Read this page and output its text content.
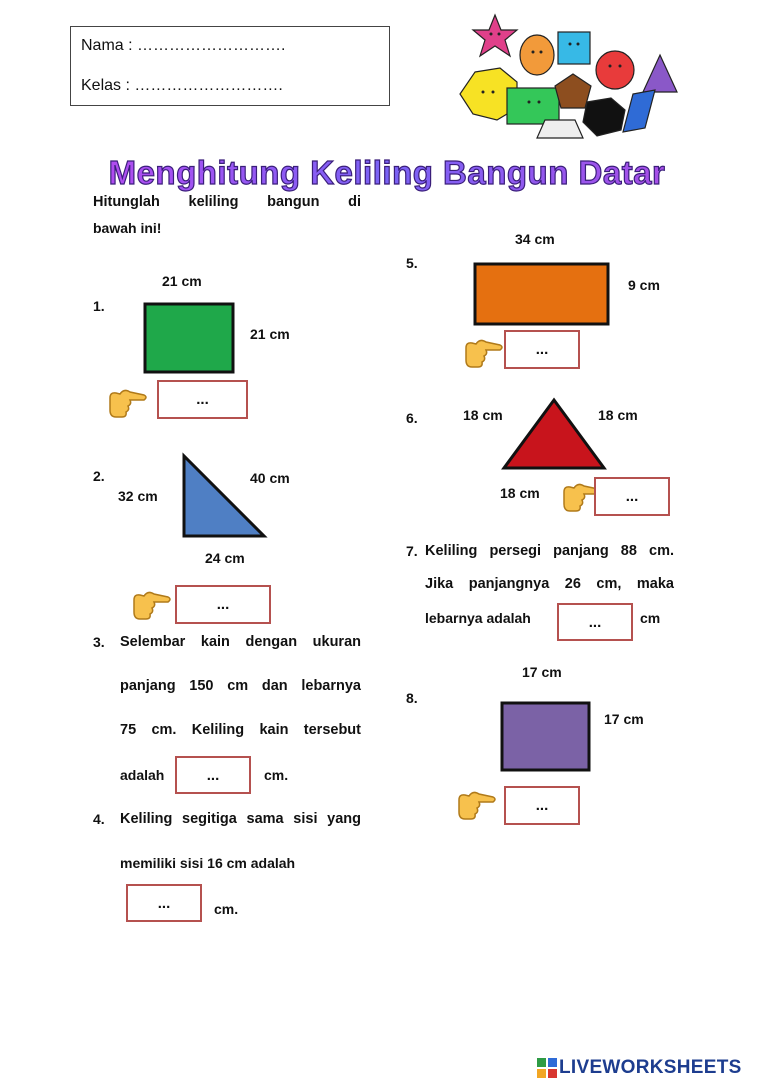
Nama : ……………………….
Kelas : ……………………….
Menghitung Keliling Bangun Datar
Hitunglah keliling bangun di
bawah ini!
1.
21 cm
21 cm
...
2.
32 cm
40 cm
24 cm
...
3. Selembar kain dengan ukuran
panjang 150 cm dan lebarnya
75 cm. Keliling kain tersebut
adalah	...	cm.
4. Keliling segitiga sama sisi yang
memiliki sisi 16 cm adalah
...	cm.
5.
34 cm
9 cm
...
6.	18 cm	18 cm
18 cm	...
7. Keliling persegi panjang 88 cm.
Jika panjangnya 26 cm, maka
lebarnya adalah	...	cm
8.
17 cm
17 cm
...
LIVEWORKSHEETS
